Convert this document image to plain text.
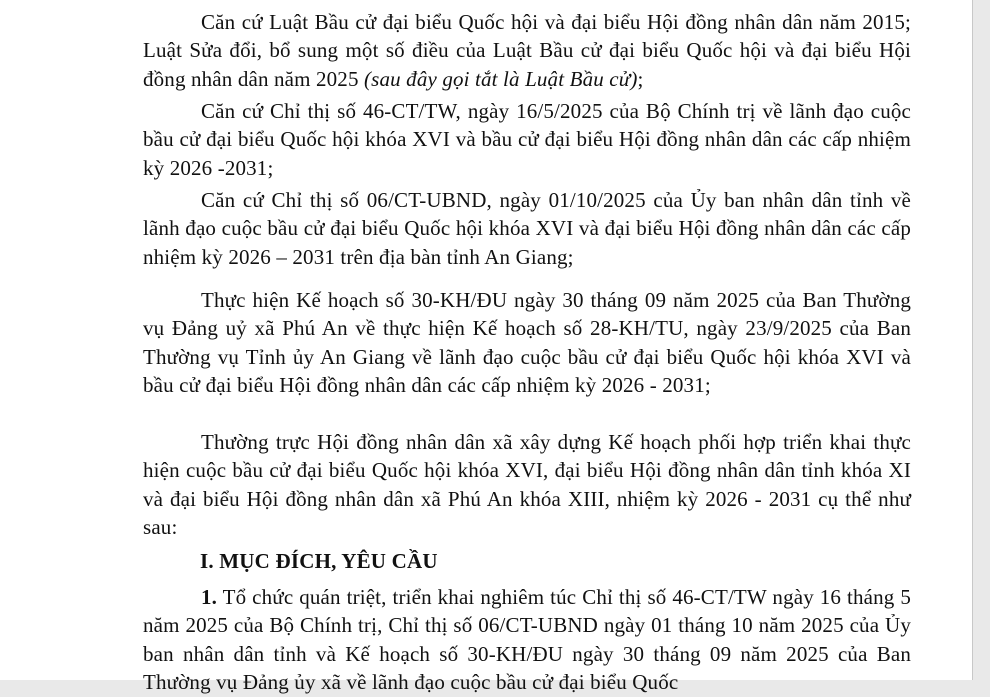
Căn cứ Luật Bầu cử đại biểu Quốc hội và đại biểu Hội đồng nhân dân năm 2015; Luật Sửa đổi, bổ sung một số điều của Luật Bầu cử đại biểu Quốc hội và đại biểu Hội đồng nhân dân năm 2025 (sau đây gọi tắt là Luật Bầu cử);

Căn cứ Chỉ thị số 46-CT/TW, ngày 16/5/2025 của Bộ Chính trị về lãnh đạo cuộc bầu cử đại biểu Quốc hội khóa XVI và bầu cử đại biểu Hội đồng nhân dân các cấp nhiệm kỳ 2026 -2031;

Căn cứ Chỉ thị số 06/CT-UBND, ngày 01/10/2025 của Ủy ban nhân dân tỉnh về lãnh đạo cuộc bầu cử đại biểu Quốc hội khóa XVI và đại biểu Hội đồng nhân dân các cấp nhiệm kỳ 2026 – 2031 trên địa bàn tỉnh An Giang;

Thực hiện Kế hoạch số 30-KH/ĐU ngày 30 tháng 09 năm 2025 của Ban Thường vụ Đảng uỷ xã Phú An về thực hiện Kế hoạch số 28-KH/TU, ngày 23/9/2025 của Ban Thường vụ Tỉnh ủy An Giang về lãnh đạo cuộc bầu cử đại biểu Quốc hội khóa XVI và bầu cử đại biểu Hội đồng nhân dân các cấp nhiệm kỳ 2026 - 2031;

Thường trực Hội đồng nhân dân xã xây dựng Kế hoạch phối hợp triển khai thực hiện cuộc bầu cử đại biểu Quốc hội khóa XVI, đại biểu Hội đồng nhân dân tỉnh khóa XI và đại biểu Hội đồng nhân dân xã Phú An khóa XIII, nhiệm kỳ 2026 - 2031 cụ thể như sau:

I. MỤC ĐÍCH, YÊU CẦU

1. Tổ chức quán triệt, triển khai nghiêm túc Chỉ thị số 46-CT/TW ngày 16 tháng 5 năm 2025 của Bộ Chính trị, Chỉ thị số 06/CT-UBND ngày 01 tháng 10 năm 2025 của Ủy ban nhân dân tỉnh và Kế hoạch số 30-KH/ĐU ngày 30 tháng 09 năm 2025 của Ban Thường vụ Đảng ủy xã về lãnh đạo cuộc bầu cử đại biểu Quốc
